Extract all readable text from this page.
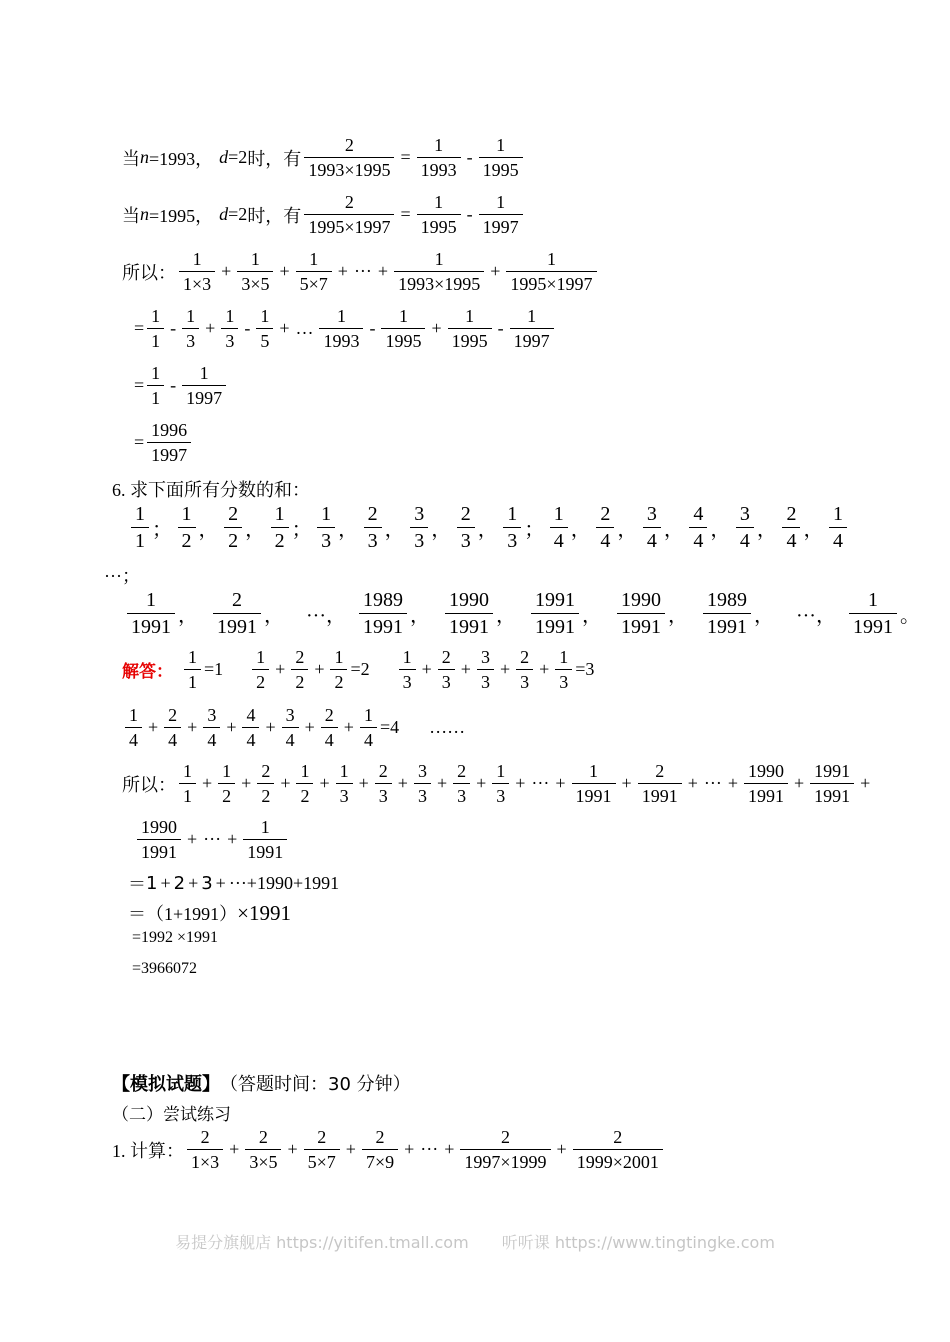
当 n =1993， d =2 时，有 $\frac{2}{1993\times 1995} = \frac{1}{1993} - \frac{1}{1995}$
当 n =1995， d =2 时，有 $\frac{2}{1995\times 1997} = \frac{1}{1995} - \frac{1}{1997}$
所以： $\frac{1}{1\times 3} + \frac{1}{3\times 5} + \frac{1}{5\times 7}$ + ··· + $\frac{1}{1993\times 1995} + \frac{1}{1995\times 1997}$
= $\frac{1}{1} - \frac{1}{3} + \frac{1}{3} - \frac{1}{5}$ + … $\frac{1}{1993} - \frac{1}{1995} + \frac{1}{1995} - \frac{1}{1997}$
= $\frac{1}{1} - \frac{1}{1997}$
= $\frac{1996}{1997}$
6. 求下面所有分数的和：
$\frac{1}{1}$ ； $\frac{1}{2}$ ， $\frac{2}{2}$ ， $\frac{1}{2}$ ； $\frac{1}{3}$ ， $\frac{2}{3}$ ， $\frac{3}{3}$ ， $\frac{2}{3}$ ， $\frac{1}{3}$ ； $\frac{1}{4}$ ， $\frac{2}{4}$ ， $\frac{3}{4}$ ， $\frac{4}{4}$ ， $\frac{3}{4}$ ， $\frac{2}{4}$ ， $\frac{1}{4}$
···；
$\frac{1}{1991}$ ， $\frac{2}{1991}$ ， ···， $\frac{1989}{1991}$ ， $\frac{1990}{1991}$ ， $\frac{1991}{1991}$ ， $\frac{1990}{1991}$ ， $\frac{1989}{1991}$ ， ···， $\frac{1}{1991}$ 。
解答： $\frac{1}{1} =1 \frac{1}{2} + \frac{2}{2} + \frac{1}{2} =2 \frac{1}{3} + \frac{2}{3} + \frac{3}{3} + \frac{2}{3} + \frac{1}{3} =3$
$\frac{1}{4} + \frac{2}{4} + \frac{3}{4} + \frac{4}{4} + \frac{3}{4} + \frac{2}{4} + \frac{1}{4} =4$ ……
所以： $\frac{1}{1} + \frac{1}{2} + \frac{2}{2} + \frac{1}{2} + \frac{1}{3} + \frac{2}{3} + \frac{3}{3} + \frac{2}{3} + \frac{1}{3}$ + ··· + $\frac{1}{1991} + \frac{2}{1991}$ + ··· + $\frac{1990}{1991} + \frac{1991}{1991}$ +
$\frac{1990}{1991}$ + ··· + $\frac{1}{1991}$
＝ 1 + 2 + 3 + ···+1990+1991
＝ （1+1991） ×1991
=1992 ×1991
=3966072
【模拟试题】 （答题时间：30 分钟）
（二）尝试练习
1. 计算： $\frac{2}{1\times 3} + \frac{2}{3\times 5} + \frac{2}{5\times 7} + \frac{2}{7\times 9}$ + ··· + $\frac{2}{1997\times 1999} + \frac{2}{1999\times 2001}$
易提分旗舰店 https://yitifen.tmall.com 听听课 https://www.tingtingke.com
